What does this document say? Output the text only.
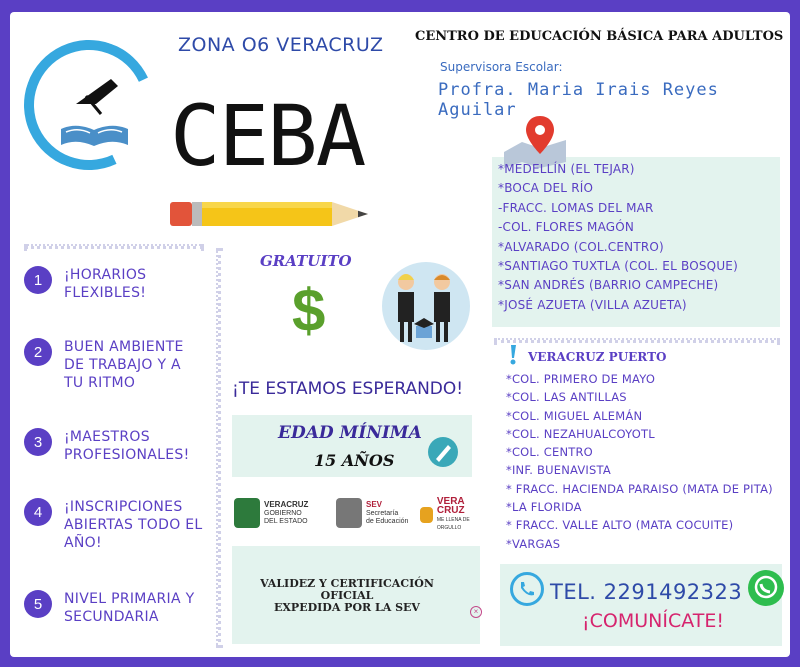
ZONA O6 VERACRUZ
CEBA
CENTRO DE EDUCACIÓN BÁSICA PARA ADULTOS
Supervisora Escolar:
Profra. Maria Irais Reyes Aguilar
1	¡HORARIOS FLEXIBLES!
2	BUEN AMBIENTE DE TRABAJO Y A TU RITMO
3	¡MAESTROS PROFESIONALES!
4	¡INSCRIPCIONES ABIERTAS TODO EL AÑO!
5	NIVEL PRIMARIA Y SECUNDARIA
GRATUITO
$
¡TE ESTAMOS ESPERANDO!
EDAD MÍNIMA
15 AÑOS
VERACRUZ
GOBIERNO
DEL ESTADO
SEV
Secretaría
de Educación
VERA
CRUZ
ME LLENA DE ORGULLO
VALIDEZ Y CERTIFICACIÓN
OFICIAL
EXPEDIDA POR LA SEV	×
*MEDELLÍN (EL TEJAR)
*BOCA DEL RÍO
-FRACC. LOMAS DEL MAR
-COL. FLORES MAGÓN
*ALVARADO (COL.CENTRO)
*SANTIAGO TUXTLA (COL. EL BOSQUE)
*SAN ANDRÉS (BARRIO CAMPECHE)
*JOSÉ AZUETA (VILLA AZUETA)
VERACRUZ PUERTO
*COL. PRIMERO DE MAYO
*COL. LAS ANTILLAS
*COL. MIGUEL ALEMÁN
*COL. NEZAHUALCOYOTL
*COL. CENTRO
*INF. BUENAVISTA
* FRACC. HACIENDA PARAISO (MATA DE PITA)
*LA FLORIDA
* FRACC. VALLE ALTO (MATA COCUITE)
*VARGAS
TEL. 2291492323
¡COMUNÍCATE!
